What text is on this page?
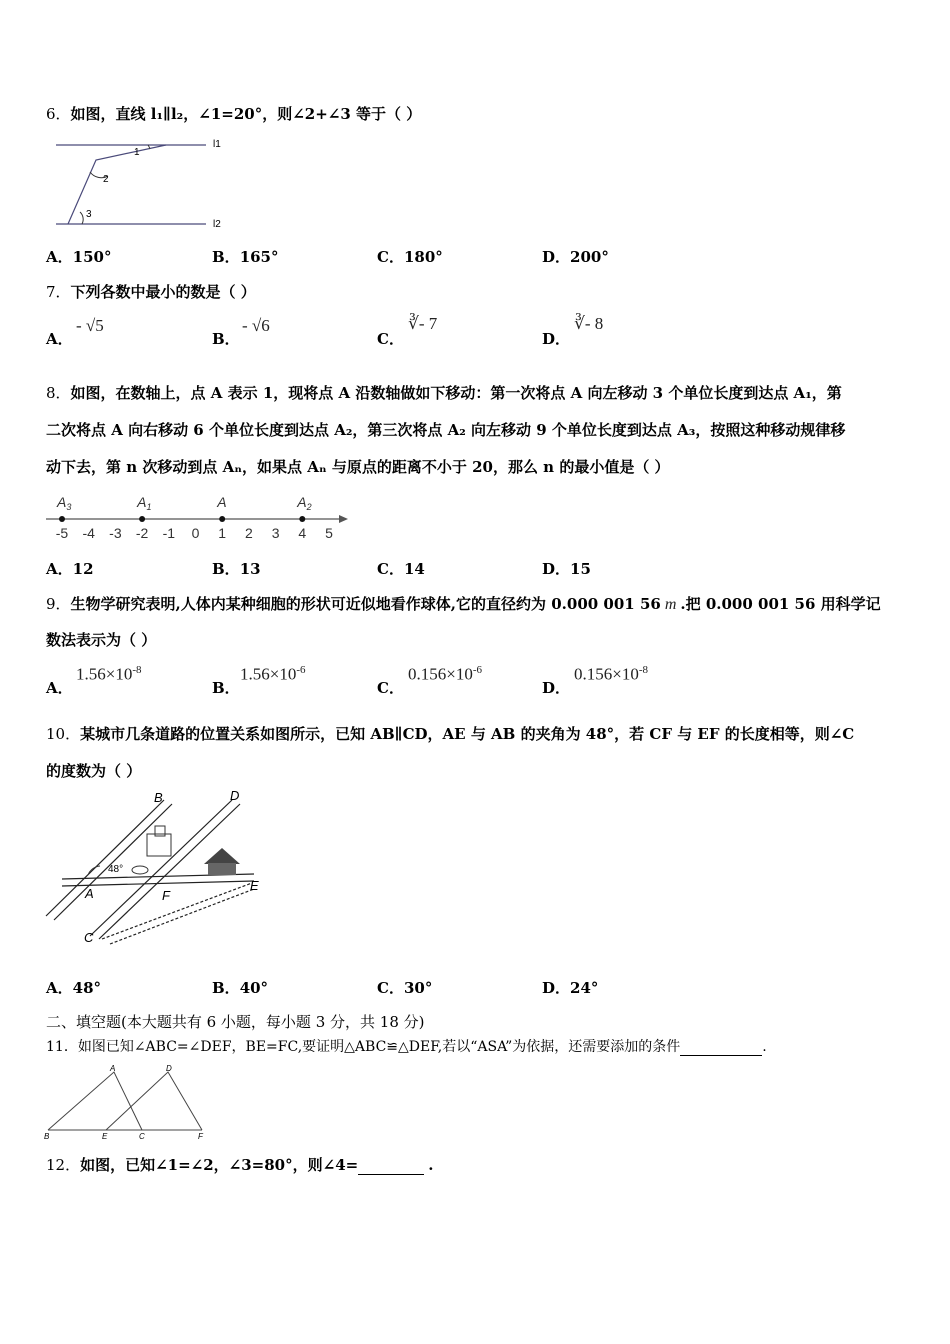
6．如图，直线 l₁∥l₂，∠1=20°，则∠2+∠3 等于（ ）
l1
l2
1
2
3
A．150°	B．165°	C．180°	D．200°
7．下列各数中最小的数是（ ）
A．
- √5
B．
- √6
C．
∛- 7
D．
∛- 8
8．如图，在数轴上，点 A 表示 1，现将点 A 沿数轴做如下移动：第一次将点 A 向左移动 3 个单位长度到达点 A₁，第
二次将点 A 向右移动 6 个单位长度到达点 A₂，第三次将点 A₂ 向左移动 9 个单位长度到达点 A₃，按照这种移动规律移
动下去，第 n 次移动到点 Aₙ，如果点 Aₙ 与原点的距离不小于 20，那么 n 的最小值是（ ）
-5 -4 -3 -2 -1 0 1 2 3 4 5
$A_3$	$A_1$	A	$A_2$
A．12	B．13	C．14	D．15
9．生物学研究表明,人体内某种细胞的形状可近似地看作球体,它的直径约为 0.000 001 56 m .把 0.000 001 56 用科学记
数法表示为（ ）
A．
$1.56\times 10^{-8}$
B．
$1.56\times 10^{-6}$
C．
$0.156\times 10^{-6}$
D．
$0.156\times 10^{-8}$
10．某城市几条道路的位置关系如图所示，已知 AB∥CD，AE 与 AB 的夹角为 48°，若 CF 与 EF 的长度相等，则∠C
的度数为（ ）
B	D
A	F
E
C
48°
A．48°	B．40°	C．30°	D．24°
二、填空题(本大题共有 6 小题，每小题 3 分，共 18 分)
11．如图已知∠ABC=∠DEF，BE=FC,要证明△ABC≌△DEF,若以“ASA”为依据，还需要添加的条件	.
A	D
B	E	C	F
12．如图，已知∠1=∠2，∠3=80°，则∠4=	.
